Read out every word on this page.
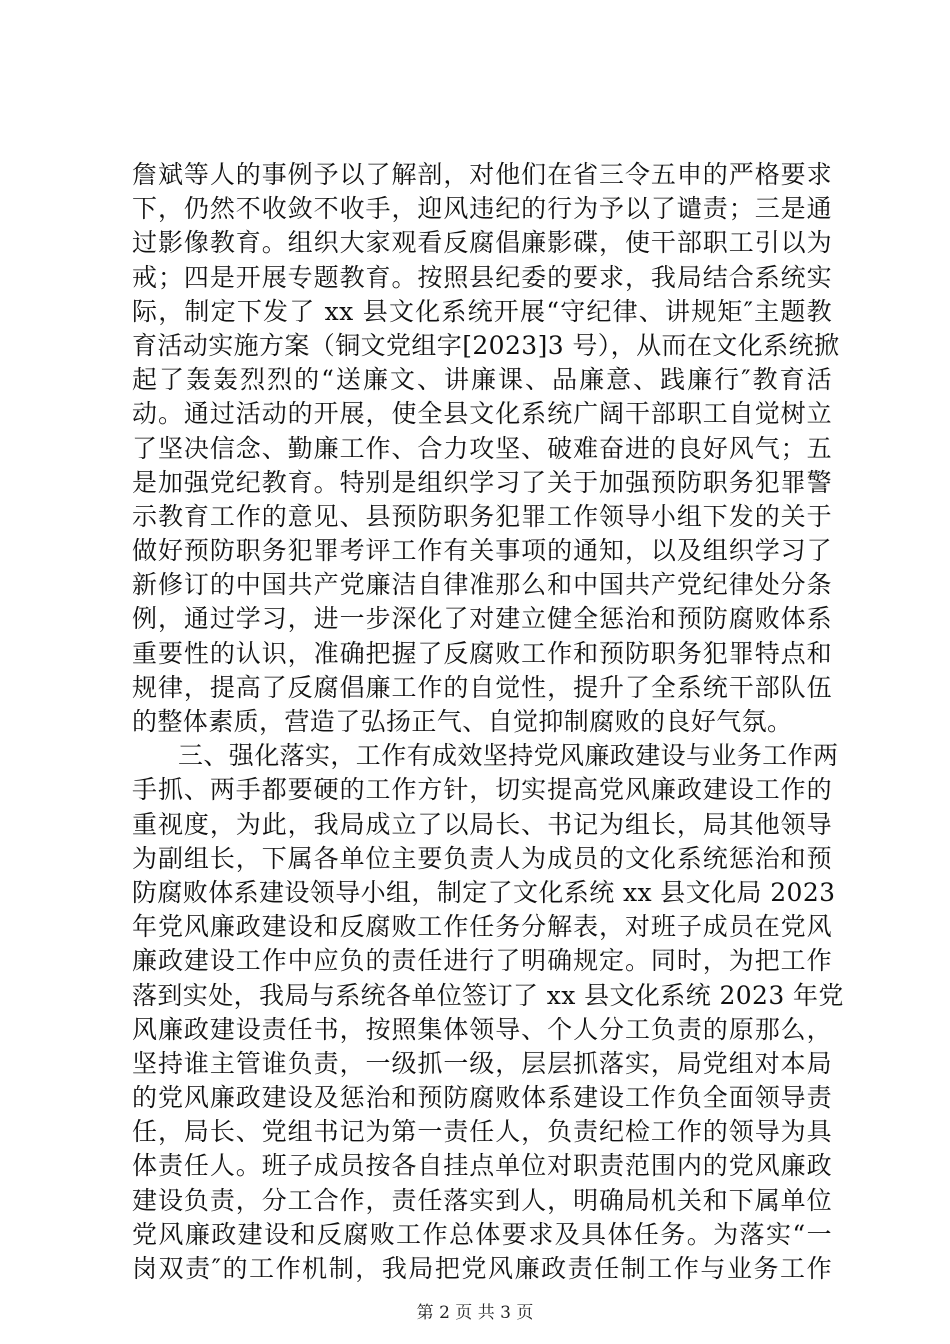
詹斌等人的事例予以了解剖，对他们在省三令五申的严格要求
下，仍然不收敛不收手，迎风违纪的行为予以了谴责；三是通
过影像教育。组织大家观看反腐倡廉影碟，使干部职工引以为
戒；四是开展专题教育。按照县纪委的要求，我局结合系统实
际，制定下发了 xx 县文化系统开展“守纪律、讲规矩″主题教
育活动实施方案（铜文党组字[2023]3 号），从而在文化系统掀
起了轰轰烈烈的“送廉文、讲廉课、品廉意、践廉行″教育活
动。通过活动的开展，使全县文化系统广阔干部职工自觉树立
了坚决信念、勤廉工作、合力攻坚、破难奋进的良好风气；五
是加强党纪教育。特别是组织学习了关于加强预防职务犯罪警
示教育工作的意见、县预防职务犯罪工作领导小组下发的关于
做好预防职务犯罪考评工作有关事项的通知，以及组织学习了
新修订的中国共产党廉洁自律准那么和中国共产党纪律处分条
例，通过学习，进一步深化了对建立健全惩治和预防腐败体系
重要性的认识，准确把握了反腐败工作和预防职务犯罪特点和
规律，提高了反腐倡廉工作的自觉性，提升了全系统干部队伍
的整体素质，营造了弘扬正气、自觉抑制腐败的良好气氛。
三、强化落实，工作有成效坚持党风廉政建设与业务工作两
手抓、两手都要硬的工作方针，切实提高党风廉政建设工作的
重视度，为此，我局成立了以局长、书记为组长，局其他领导
为副组长，下属各单位主要负责人为成员的文化系统惩治和预
防腐败体系建设领导小组，制定了文化系统 xx 县文化局 2023
年党风廉政建设和反腐败工作任务分解表，对班子成员在党风
廉政建设工作中应负的责任进行了明确规定。同时，为把工作
落到实处，我局与系统各单位签订了 xx 县文化系统 2023 年党
风廉政建设责任书，按照集体领导、个人分工负责的原那么，
坚持谁主管谁负责，一级抓一级，层层抓落实，局党组对本局
的党风廉政建设及惩治和预防腐败体系建设工作负全面领导责
任，局长、党组书记为第一责任人，负责纪检工作的领导为具
体责任人。班子成员按各自挂点单位对职责范围内的党风廉政
建设负责，分工合作，责任落实到人，明确局机关和下属单位
党风廉政建设和反腐败工作总体要求及具体任务。为落实“一
岗双责″的工作机制，我局把党风廉政责任制工作与业务工作
第 2 页 共 3 页
